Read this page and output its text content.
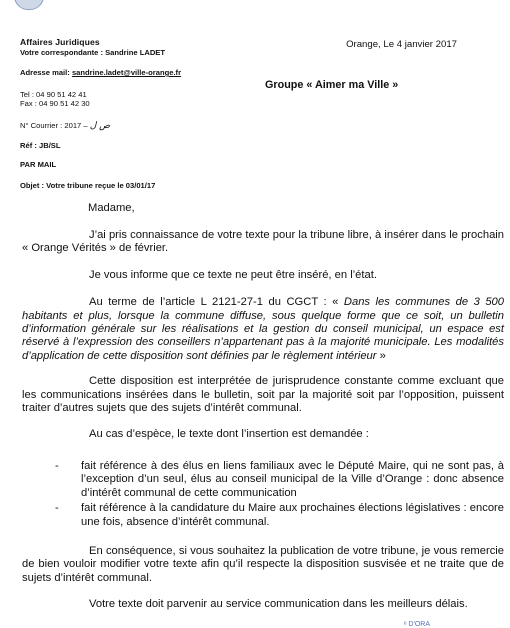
Affaires Juridiques
Votre correspondante : Sandrine LADET
Adresse mail: sandrine.ladet@ville-orange.fr
Tel : 04 90 51 42 41
Fax : 04 90 51 42 30
N° Courrier : 2017 – ص ل
Réf : JB/SL
PAR MAIL
Objet : Votre tribune reçue le 03/01/17
Orange, Le 4 janvier 2017
Groupe « Aimer ma Ville »
Madame,

J’ai pris connaissance de votre texte pour la tribune libre, à insérer dans le prochain « Orange Vérités » de février.

Je vous informe que ce texte ne peut être inséré, en l’état.

Au terme de l’article L 2121-27-1 du CGCT : « Dans les communes de 3 500 habitants et plus, lorsque la commune diffuse, sous quelque forme que ce soit, un bulletin d’information générale sur les réalisations et la gestion du conseil municipal, un espace est réservé à l’expression des conseillers n’appartenant pas à la majorité municipale. Les modalités d’application de cette disposition sont définies par le règlement intérieur »

Cette disposition est interprétée de jurisprudence constante comme excluant que les communications insérées dans le bulletin, soit par la majorité soit par l’opposition, puissent traiter d’autres sujets que des sujets d’intérêt communal.

Au cas d’espèce, le texte dont l’insertion est demandée :

- fait référence à des élus en liens familiaux avec le Député Maire, qui ne sont pas, à l’exception d’un seul, élus au conseil municipal de la Ville d’Orange : donc absence d’intérêt communal de cette communication
- fait référence à la candidature du Maire aux prochaines élections législatives : encore une fois, absence d’intérêt communal.

En conséquence, si vous souhaitez la publication de votre tribune, je vous remercie de bien vouloir modifier votre texte afin qu’il respecte la disposition susvisée et ne traite que de sujets d’intérêt communal.

Votre texte doit parvenir au service communication dans les meilleurs délais.

ᵉ D'ORA
